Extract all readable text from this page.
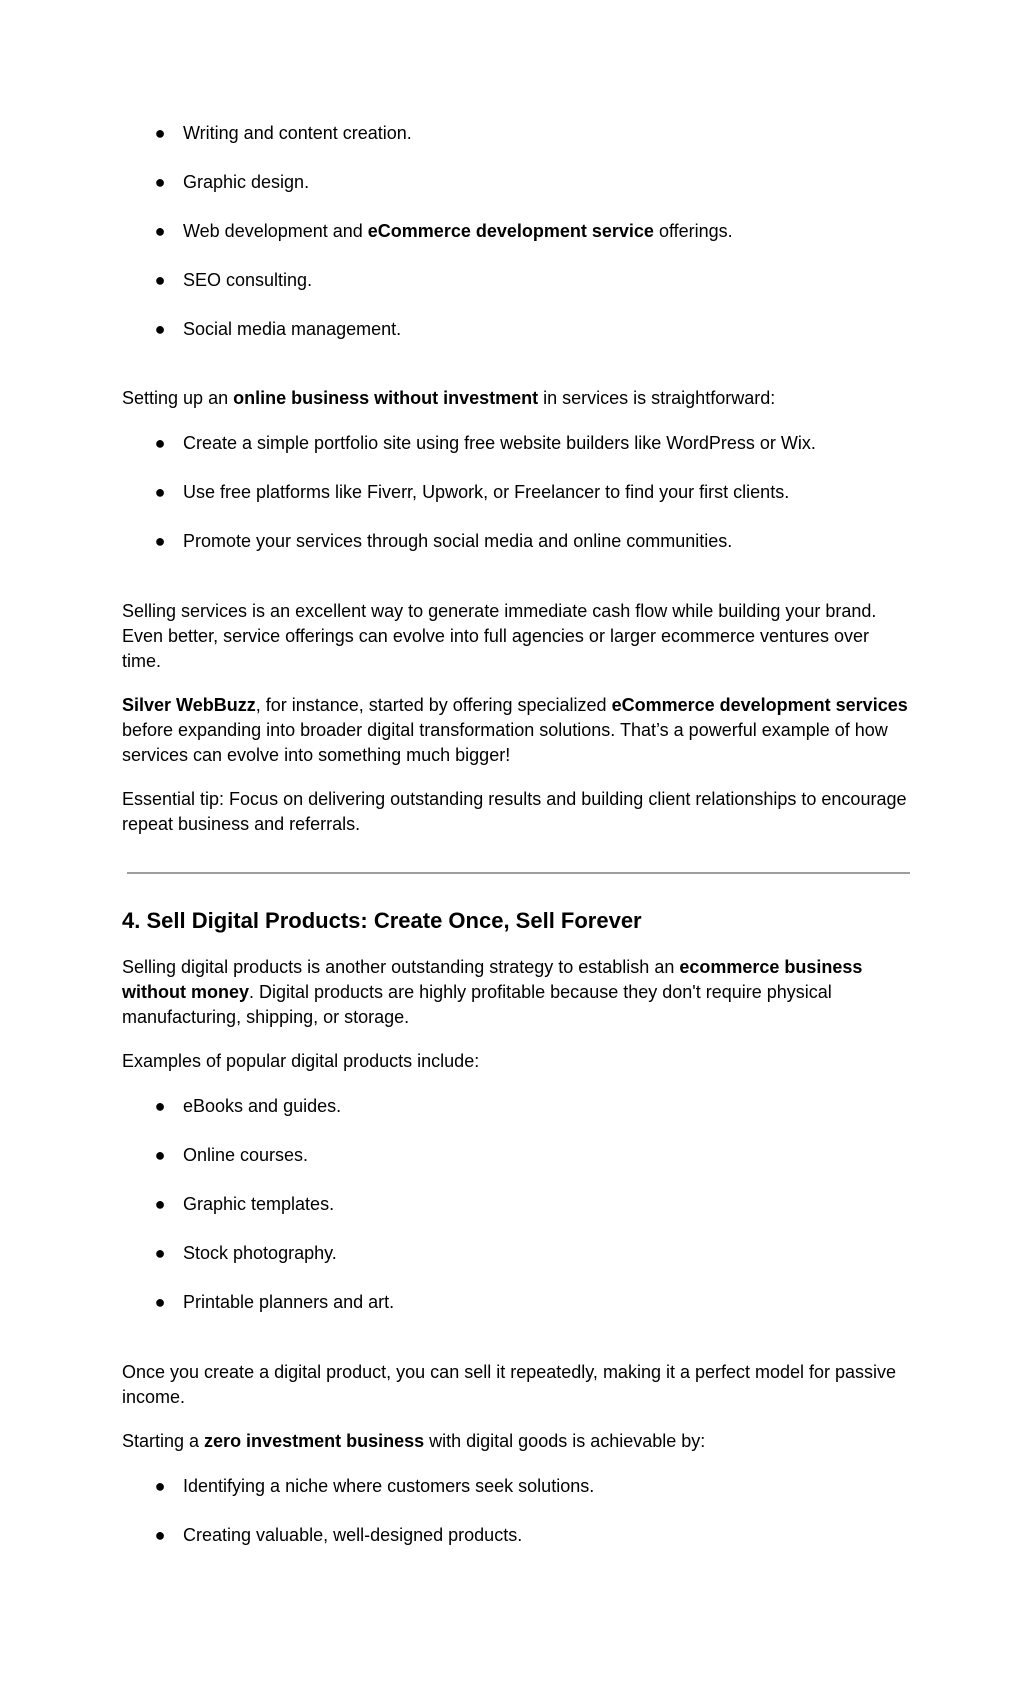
● Writing and content creation.
● Graphic design.
● Web development and eCommerce development service offerings.
● SEO consulting.
● Social media management.

Setting up an online business without investment in services is straightforward:

● Create a simple portfolio site using free website builders like WordPress or Wix.
● Use free platforms like Fiverr, Upwork, or Freelancer to find your first clients.
● Promote your services through social media and online communities.

Selling services is an excellent way to generate immediate cash flow while building your brand. Even better, service offerings can evolve into full agencies or larger ecommerce ventures over time.

Silver WebBuzz, for instance, started by offering specialized eCommerce development services before expanding into broader digital transformation solutions. That’s a powerful example of how services can evolve into something much bigger!

Essential tip: Focus on delivering outstanding results and building client relationships to encourage repeat business and referrals.

4. Sell Digital Products: Create Once, Sell Forever

Selling digital products is another outstanding strategy to establish an ecommerce business without money. Digital products are highly profitable because they don't require physical manufacturing, shipping, or storage.

Examples of popular digital products include:

● eBooks and guides.
● Online courses.
● Graphic templates.
● Stock photography.
● Printable planners and art.

Once you create a digital product, you can sell it repeatedly, making it a perfect model for passive income.

Starting a zero investment business with digital goods is achievable by:

● Identifying a niche where customers seek solutions.
● Creating valuable, well-designed products.
